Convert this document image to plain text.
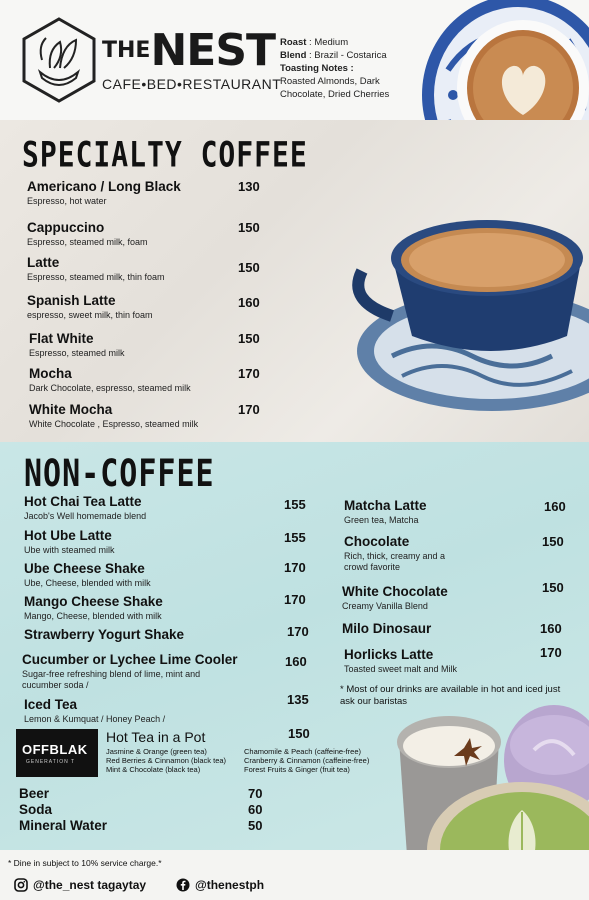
$^{THE}$NEST
CAFE•BED•RESTAURANT
Roast : Medium
Blend : Brazil - Costarica
Toasting Notes :
Roasted Almonds, Dark Chocolate, Dried Cherries
SPECIALTY COFFEE
Americano / Long Black
Espresso, hot water
130
Cappuccino
Espresso, steamed milk, foam
150
Latte
Espresso, steamed milk, thin foam
150
Spanish Latte
espresso, sweet milk, thin foam
160
Flat White
Espresso, steamed milk
150
Mocha
Dark Chocolate, espresso, steamed milk
170
White Mocha
White Chocolate , Espresso, steamed milk
170
NON-COFFEE
Hot Chai Tea Latte
Jacob's Well homemade blend
155
Hot Ube Latte
Ube with steamed milk
155
Ube Cheese Shake
Ube, Cheese, blended with milk
170
Mango Cheese Shake
Mango, Cheese, blended with milk
170
Strawberry Yogurt Shake	170
Cucumber or Lychee Lime Cooler
Sugar-free refreshing blend of lime, mint and cucumber soda /
160
Iced Tea
Lemon & Kumquat / Honey Peach /
135
Matcha Latte
Green tea, Matcha
160
Chocolate
Rich, thick, creamy and a crowd favorite
150
White Chocolate
Creamy Vanilla Blend
150
Milo Dinosaur	160
Horlicks Latte
Toasted sweet malt and Milk
170
* Most of our drinks are available in hot and iced just ask our baristas
OFFBLAK
GENERATION T
Hot Tea in a Pot	150
Jasmine & Orange (green tea)
Red Berries & Cinnamon (black tea)
Mint & Chocolate (black tea)
Chamomile & Peach (caffeine-free)
Cranberry & Cinnamon (caffeine-free)
Forest Fruits & Ginger (fruit tea)
Beer	70
Soda	60
Mineral Water	50
* Dine in subject to 10% service charge.*
@the_nest tagaytay	@thenestph
